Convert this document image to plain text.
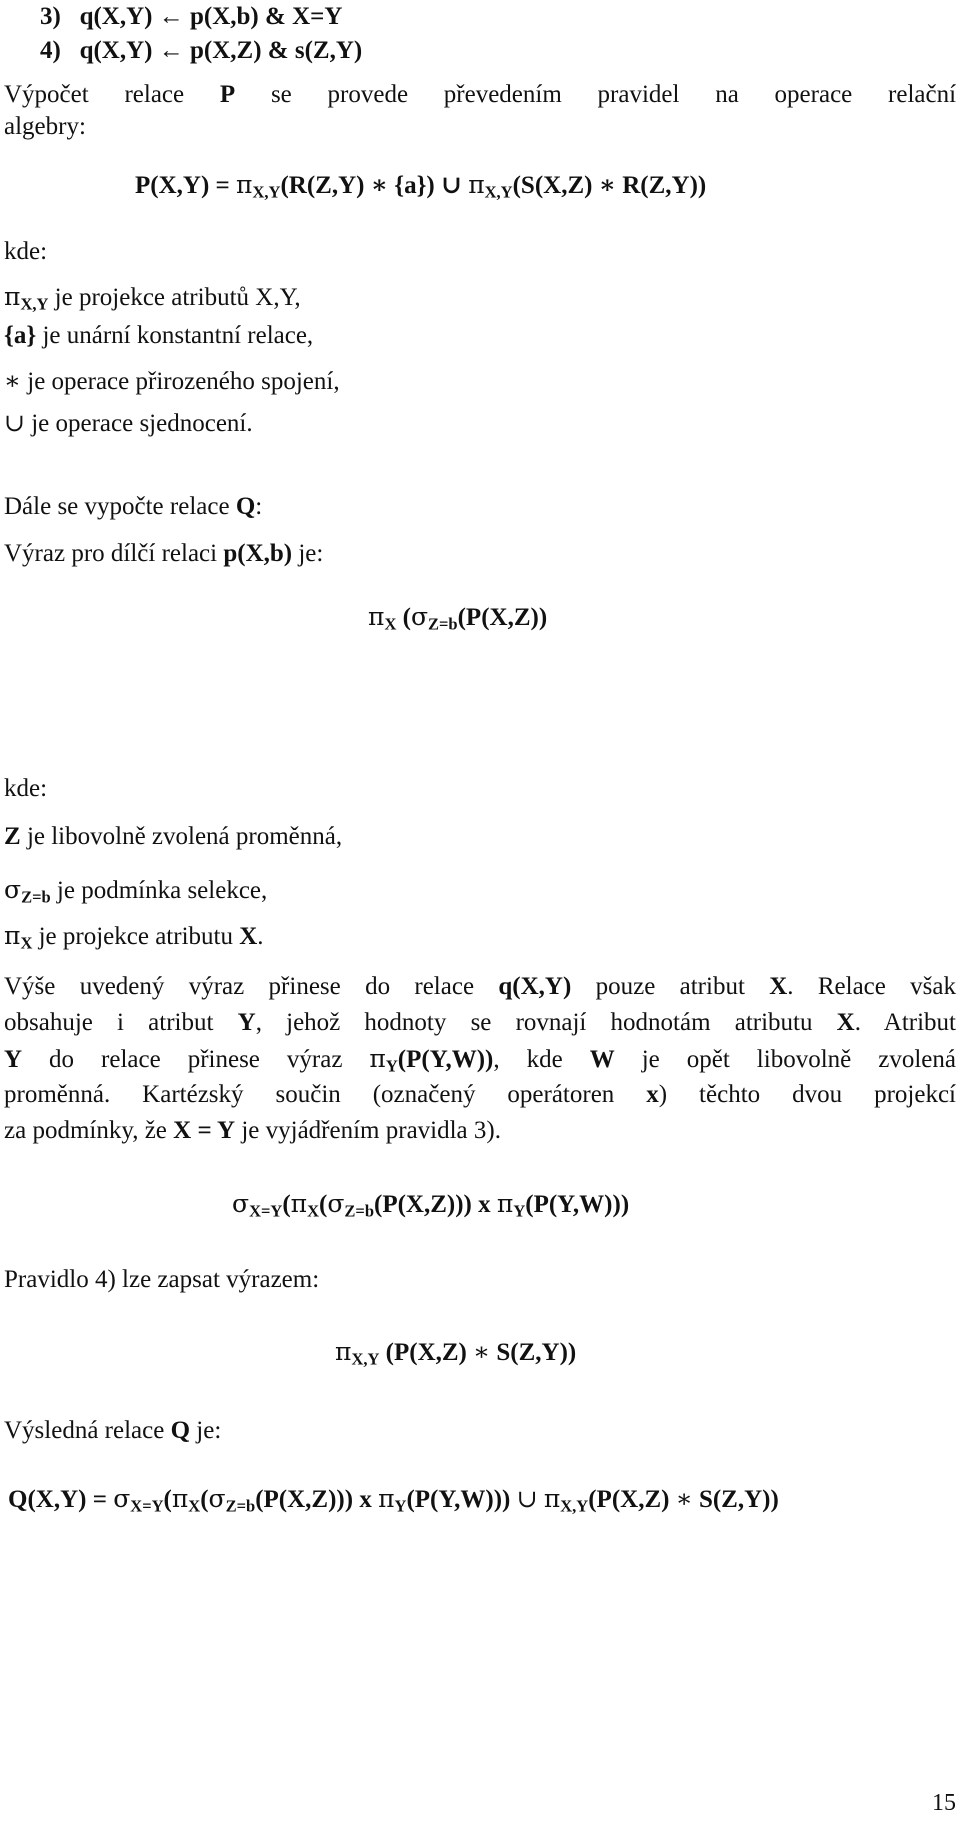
3) q(X,Y) ← p(X,b) & X=Y
4) q(X,Y) ← p(X,Z) & s(Z,Y)
Výpočet relace P se provede převedením pravidel na operace relační
algebry:
$P(X,Y) = \pi_{X,Y}(R(Z,Y)$ ∗ {a}) ∪ $\pi_{X,Y}(S(X,Z)$ ∗ R(Z,Y))
kde:
πX,Y je projekce atributů X,Y,
{a} je unární konstantní relace,
∗ je operace přirozeného spojení,
∪ je operace sjednocení.
Dále se vypočte relace Q:
Výraz pro dílčí relaci p(X,b) je:
$\pi_X$ ($\sigma_{Z=b}(P(X,Z))$
kde:
Z je libovolně zvolená proměnná,
σZ=b je podmínka selekce,
πX je projekce atributu X.
Výše uvedený výraz přinese do relace q(X,Y) pouze atribut X. Relace však
obsahuje i atribut Y, jehož hodnoty se rovnají hodnotám atributu X. Atribut
Y do relace přinese výraz πY(P(Y,W)), kde W je opět libovolně zvolená
proměnná. Kartézský součin (označený operátoren x) těchto dvou projekcí
za podmínky, že X = Y je vyjádřením pravidla 3).
$\sigma_{X=Y}(\pi_X(\sigma_{Z=b}(P(X,Z)))$ x $\pi_Y(P(Y,W))$)
Pravidlo 4) lze zapsat výrazem:
$\pi_{X,Y}$ (P(X,Z) ∗ S(Z,Y))
Výsledná relace Q je:
$Q(X,Y) = \sigma_{X=Y}(\pi_X(\sigma_{Z=b}(P(X,Z)))$ x $\pi_Y(P(Y,W))$) ∪ $\pi_{X,Y}(P(X,Z)$ ∗ S(Z,Y))
15
